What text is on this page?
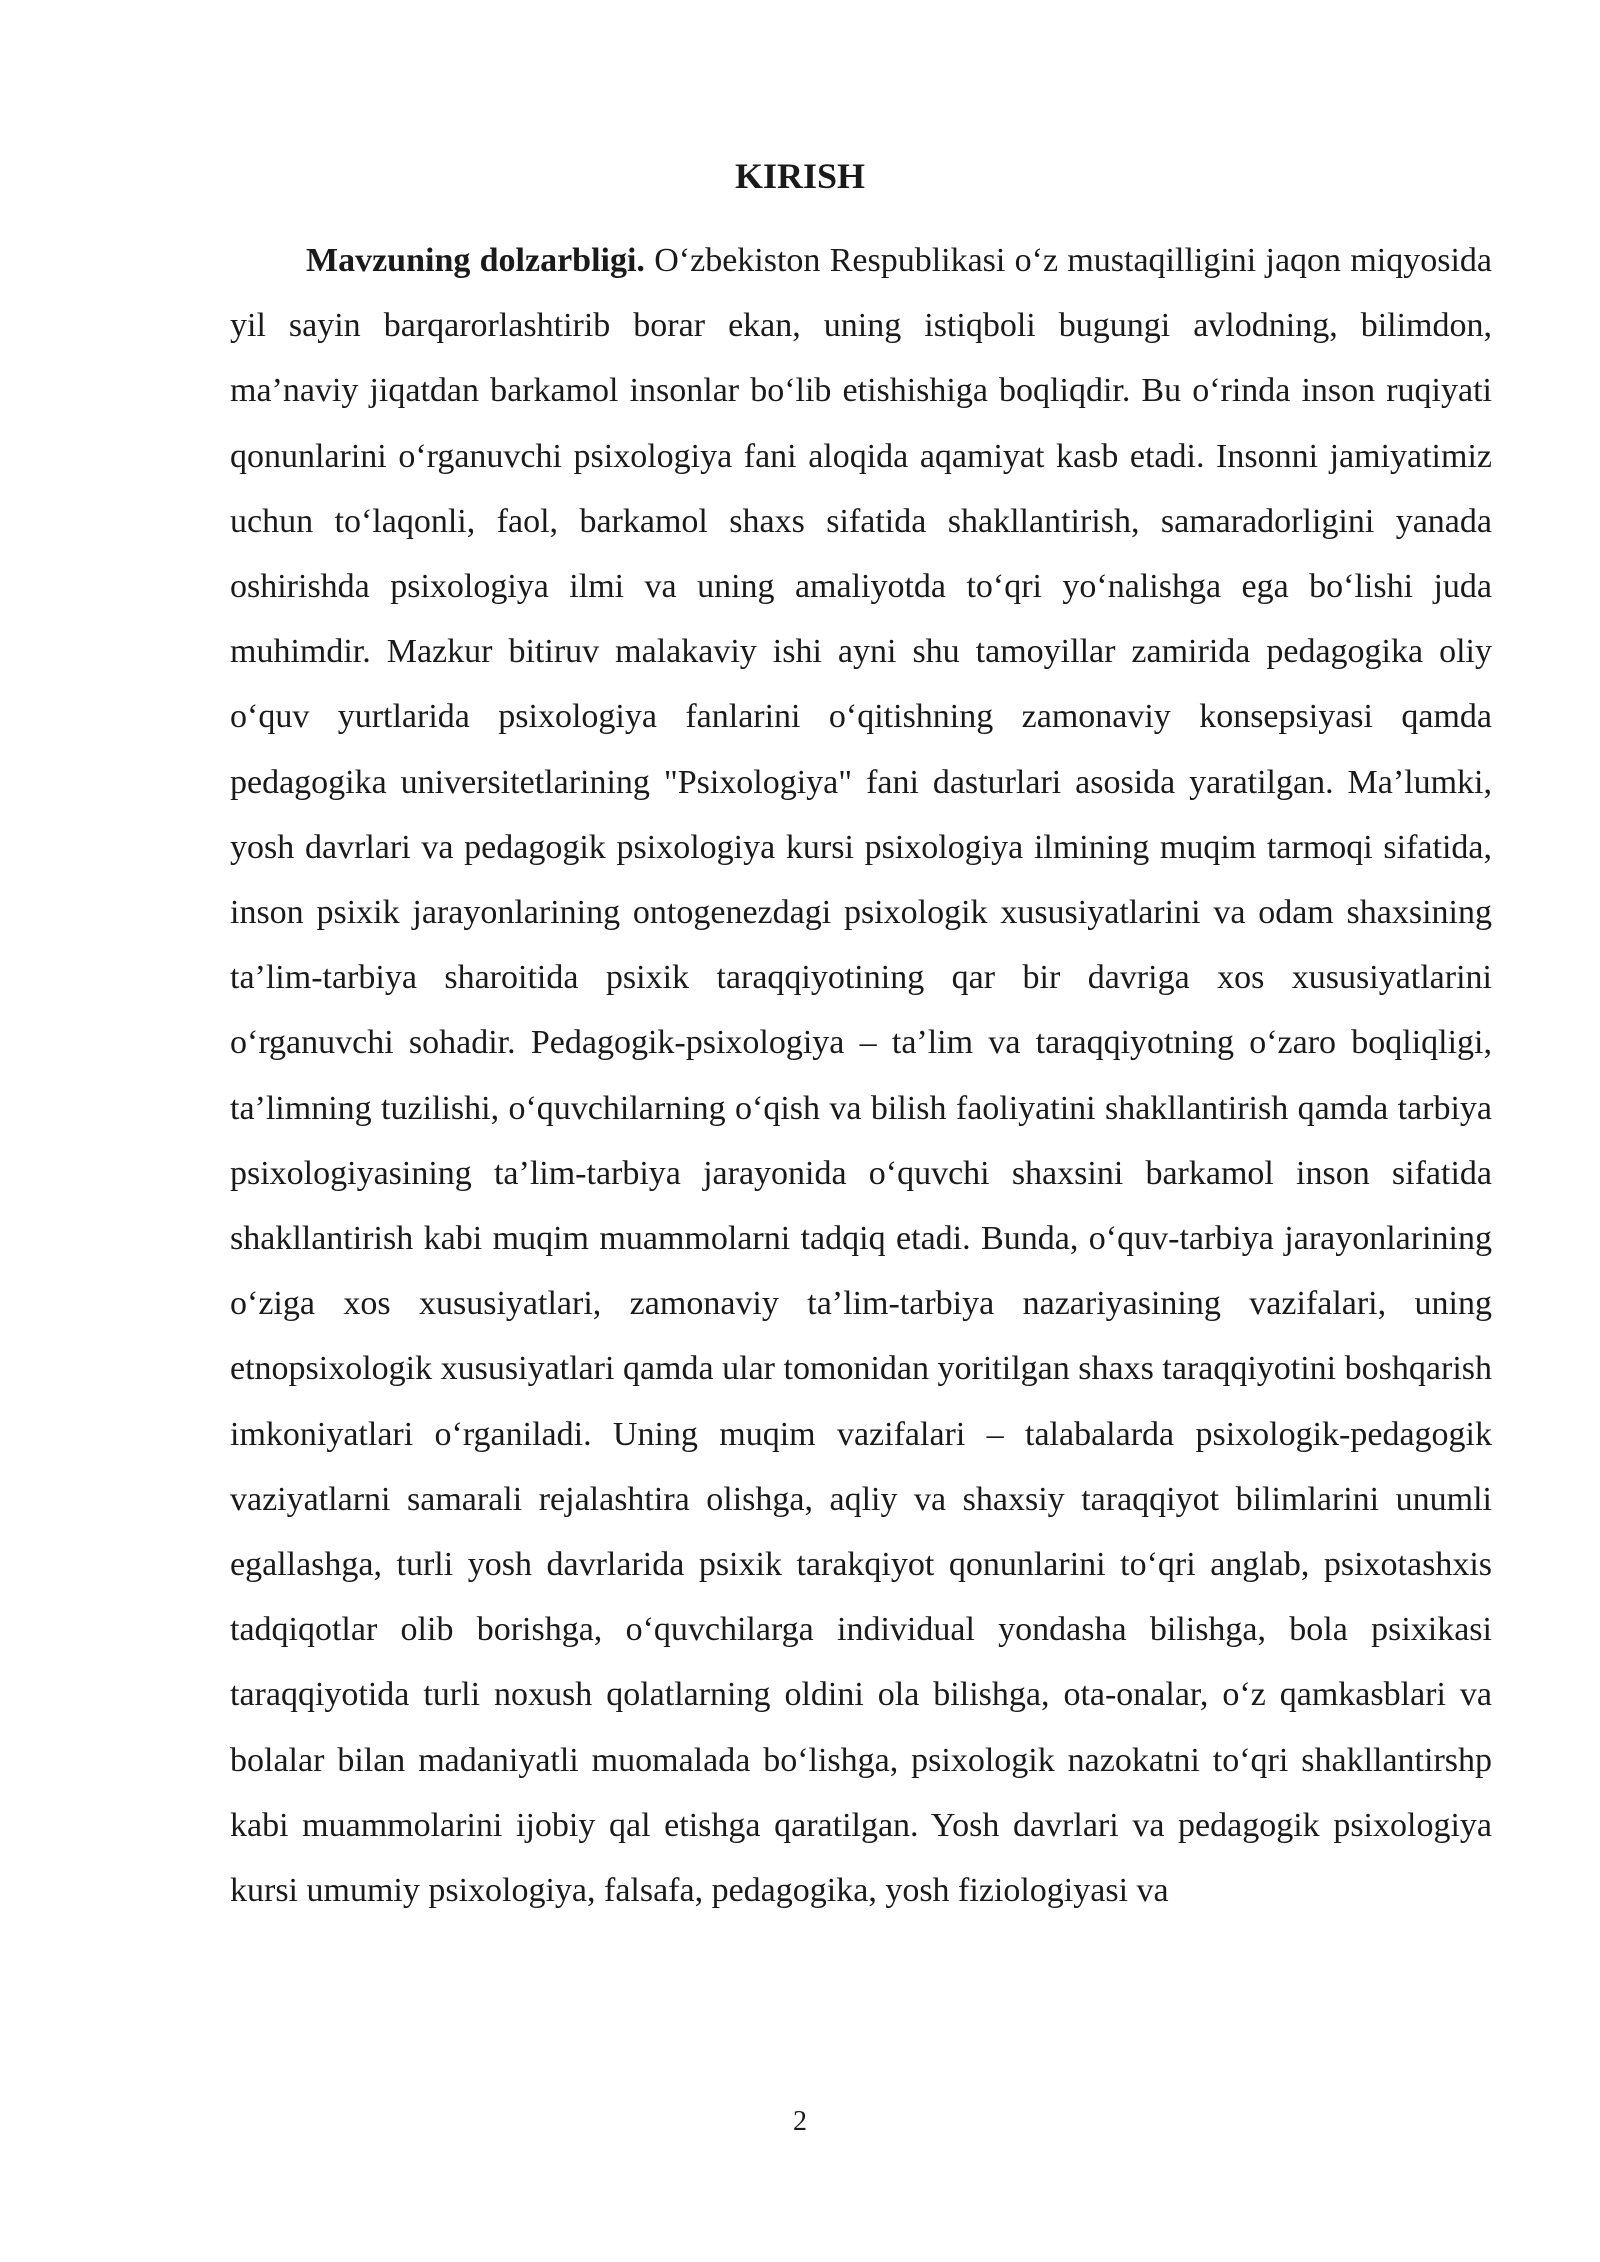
KIRISH

Mavzuning dolzarbligi. O‘zbekiston Respublikasi o‘z mustaqilligini jaqon miqyosida yil sayin barqarorlashtirib borar ekan, uning istiqboli bugungi avlodning, bilimdon, ma’naviy jiqatdan barkamol insonlar bo‘lib etishishiga boqliqdir. Bu o‘rinda inson ruqiyati qonunlarini o‘rganuvchi psixologiya fani aloqida aqamiyat kasb etadi. Insonni jamiyatimiz uchun to‘laqonli, faol, barkamol shaxs sifatida shakllantirish, samaradorligini yanada oshirishda psixologiya ilmi va uning amaliyotda to‘qri yo‘nalishga ega bo‘lishi juda muhimdir. Mazkur bitiruv malakaviy ishi ayni shu tamoyillar zamirida pedagogika oliy o‘quv yurtlarida psixologiya fanlarini o‘qitishning zamonaviy konsepsiyasi qamda pedagogika universitetlarining "Psixologiya" fani dasturlari asosida yaratilgan. Ma’lumki, yosh davrlari va pedagogik psixologiya kursi psixologiya ilmining muqim tarmoqi sifatida, inson psixik jarayonlarining ontogenezdagi psixologik xususiyatlarini va odam shaxsining ta’lim-tarbiya sharoitida psixik taraqqiyotining qar bir davriga xos xususiyatlarini o‘rganuvchi sohadir. Pedagogik-psixologiya – ta’lim va taraqqiyotning o‘zaro boqliqligi, ta’limning tuzilishi, o‘quvchilarning o‘qish va bilish faoliyatini shakllantirish qamda tarbiya psixologiyasining ta’lim-tarbiya jarayonida o‘quvchi shaxsini barkamol inson sifatida shakllantirish kabi muqim muammolarni tadqiq etadi. Bunda, o‘quv-tarbiya jarayonlarining o‘ziga xos xususiyatlari, zamonaviy ta’lim-tarbiya nazariyasining vazifalari, uning etnopsixologik xususiyatlari qamda ular tomonidan yoritilgan shaxs taraqqiyotini boshqarish imkoniyatlari o‘rganiladi. Uning muqim vazifalari – talabalarda psixologik-pedagogik vaziyatlarni samarali rejalashtira olishga, aqliy va shaxsiy taraqqiyot bilimlarini unumli egallashga, turli yosh davrlarida psixik tarakqiyot qonunlarini to‘qri anglab, psixotashxis tadqiqotlar olib borishga, o‘quvchilarga individual yondasha bilishga, bola psixikasi taraqqiyotida turli noxush qolatlarning oldini ola bilishga, ota-onalar, o‘z qamkasblari va bolalar bilan madaniyatli muomalada bo‘lishga, psixologik nazokatni to‘qri shakllantirshp kabi muammolarini ijobiy qal etishga qaratilgan. Yosh davrlari va pedagogik psixologiya kursi umumiy psixologiya, falsafa, pedagogika, yosh fiziologiyasi va

2
